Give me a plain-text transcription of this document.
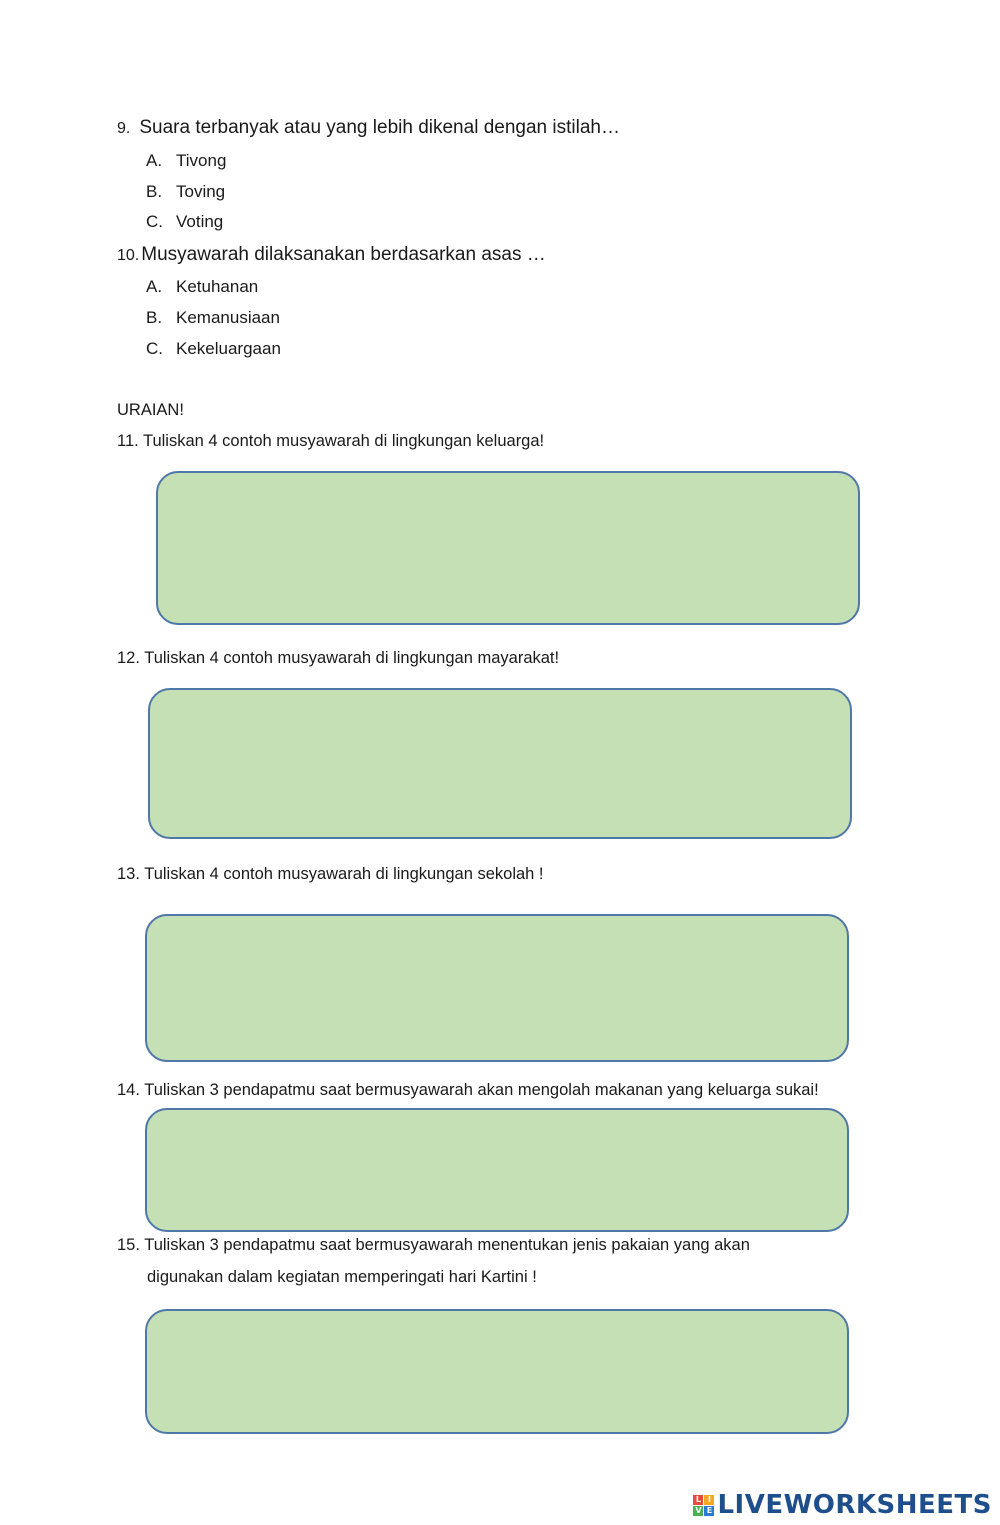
9. Suara terbanyak atau yang lebih dikenal dengan istilah…
A. Tivong
B. Toving
C. Voting
10. Musyawarah dilaksanakan berdasarkan asas …
A. Ketuhanan
B. Kemanusiaan
C. Kekeluargaan
URAIAN!
11. Tuliskan 4 contoh musyawarah di lingkungan keluarga!
12. Tuliskan 4 contoh musyawarah di lingkungan mayarakat!
13. Tuliskan 4 contoh musyawarah di lingkungan sekolah !
14. Tuliskan 3 pendapatmu saat bermusyawarah akan mengolah makanan yang keluarga sukai!
15. Tuliskan 3 pendapatmu saat bermusyawarah menentukan jenis pakaian yang akan
digunakan dalam kegiatan memperingati hari Kartini !
L I
V E LIVEWORKSHEETS
